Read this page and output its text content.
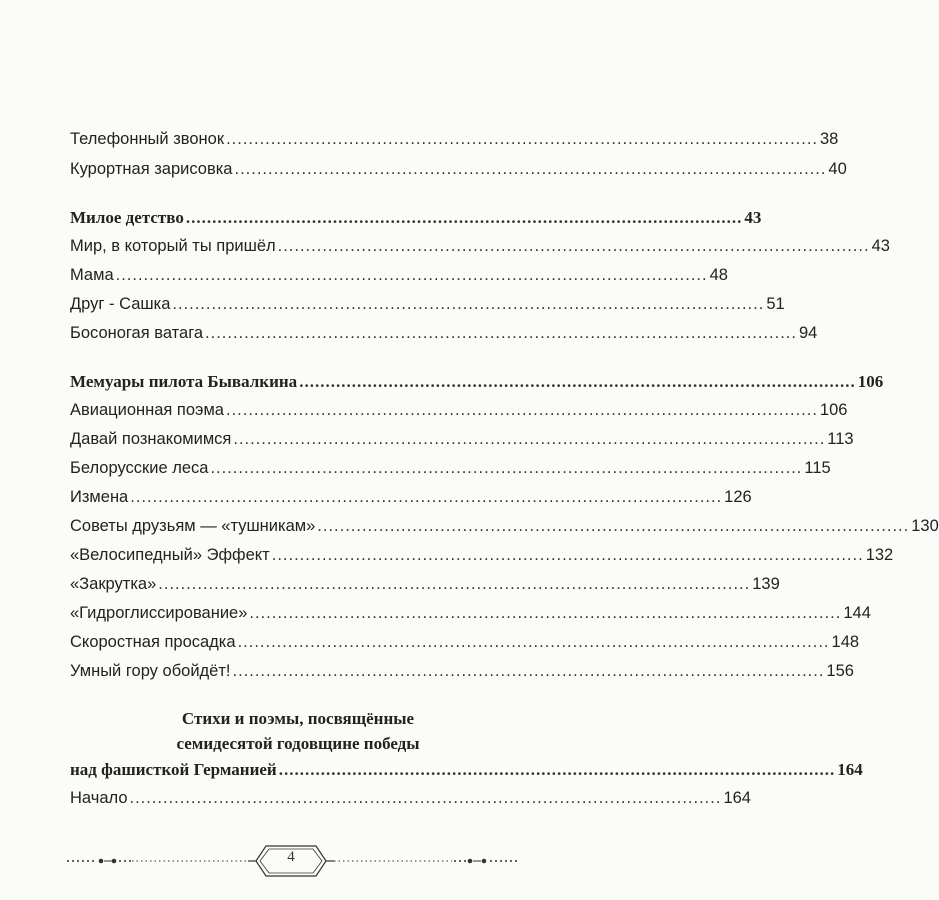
Телефонный звонок .......................................................................................................... 38
Курортная зарисовка .......................................................................................................... 40
Милое детство .......................................................................................................... 43
Мир, в который ты пришёл .......................................................................................................... 43
Мама .......................................................................................................... 48
Друг - Сашка .......................................................................................................... 51
Босоногая ватага .......................................................................................................... 94
Мемуары пилота Бывалкина .......................................................................................................... 106
Авиационная поэма .......................................................................................................... 106
Давай познакомимся .......................................................................................................... 113
Белорусские леса .......................................................................................................... 115
Измена .......................................................................................................... 126
Советы друзьям — «тушникам» .......................................................................................................... 130
«Велосипедный» Эффект .......................................................................................................... 132
«Закрутка» .......................................................................................................... 139
«Гидроглиссирование» .......................................................................................................... 144
Скоростная просадка .......................................................................................................... 148
Умный гору обойдёт! .......................................................................................................... 156
Стихи и поэмы, посвящённые
семидесятой годовщине победы
над фашисткой Германией .......................................................................................................... 164
Начало .......................................................................................................... 164
4
